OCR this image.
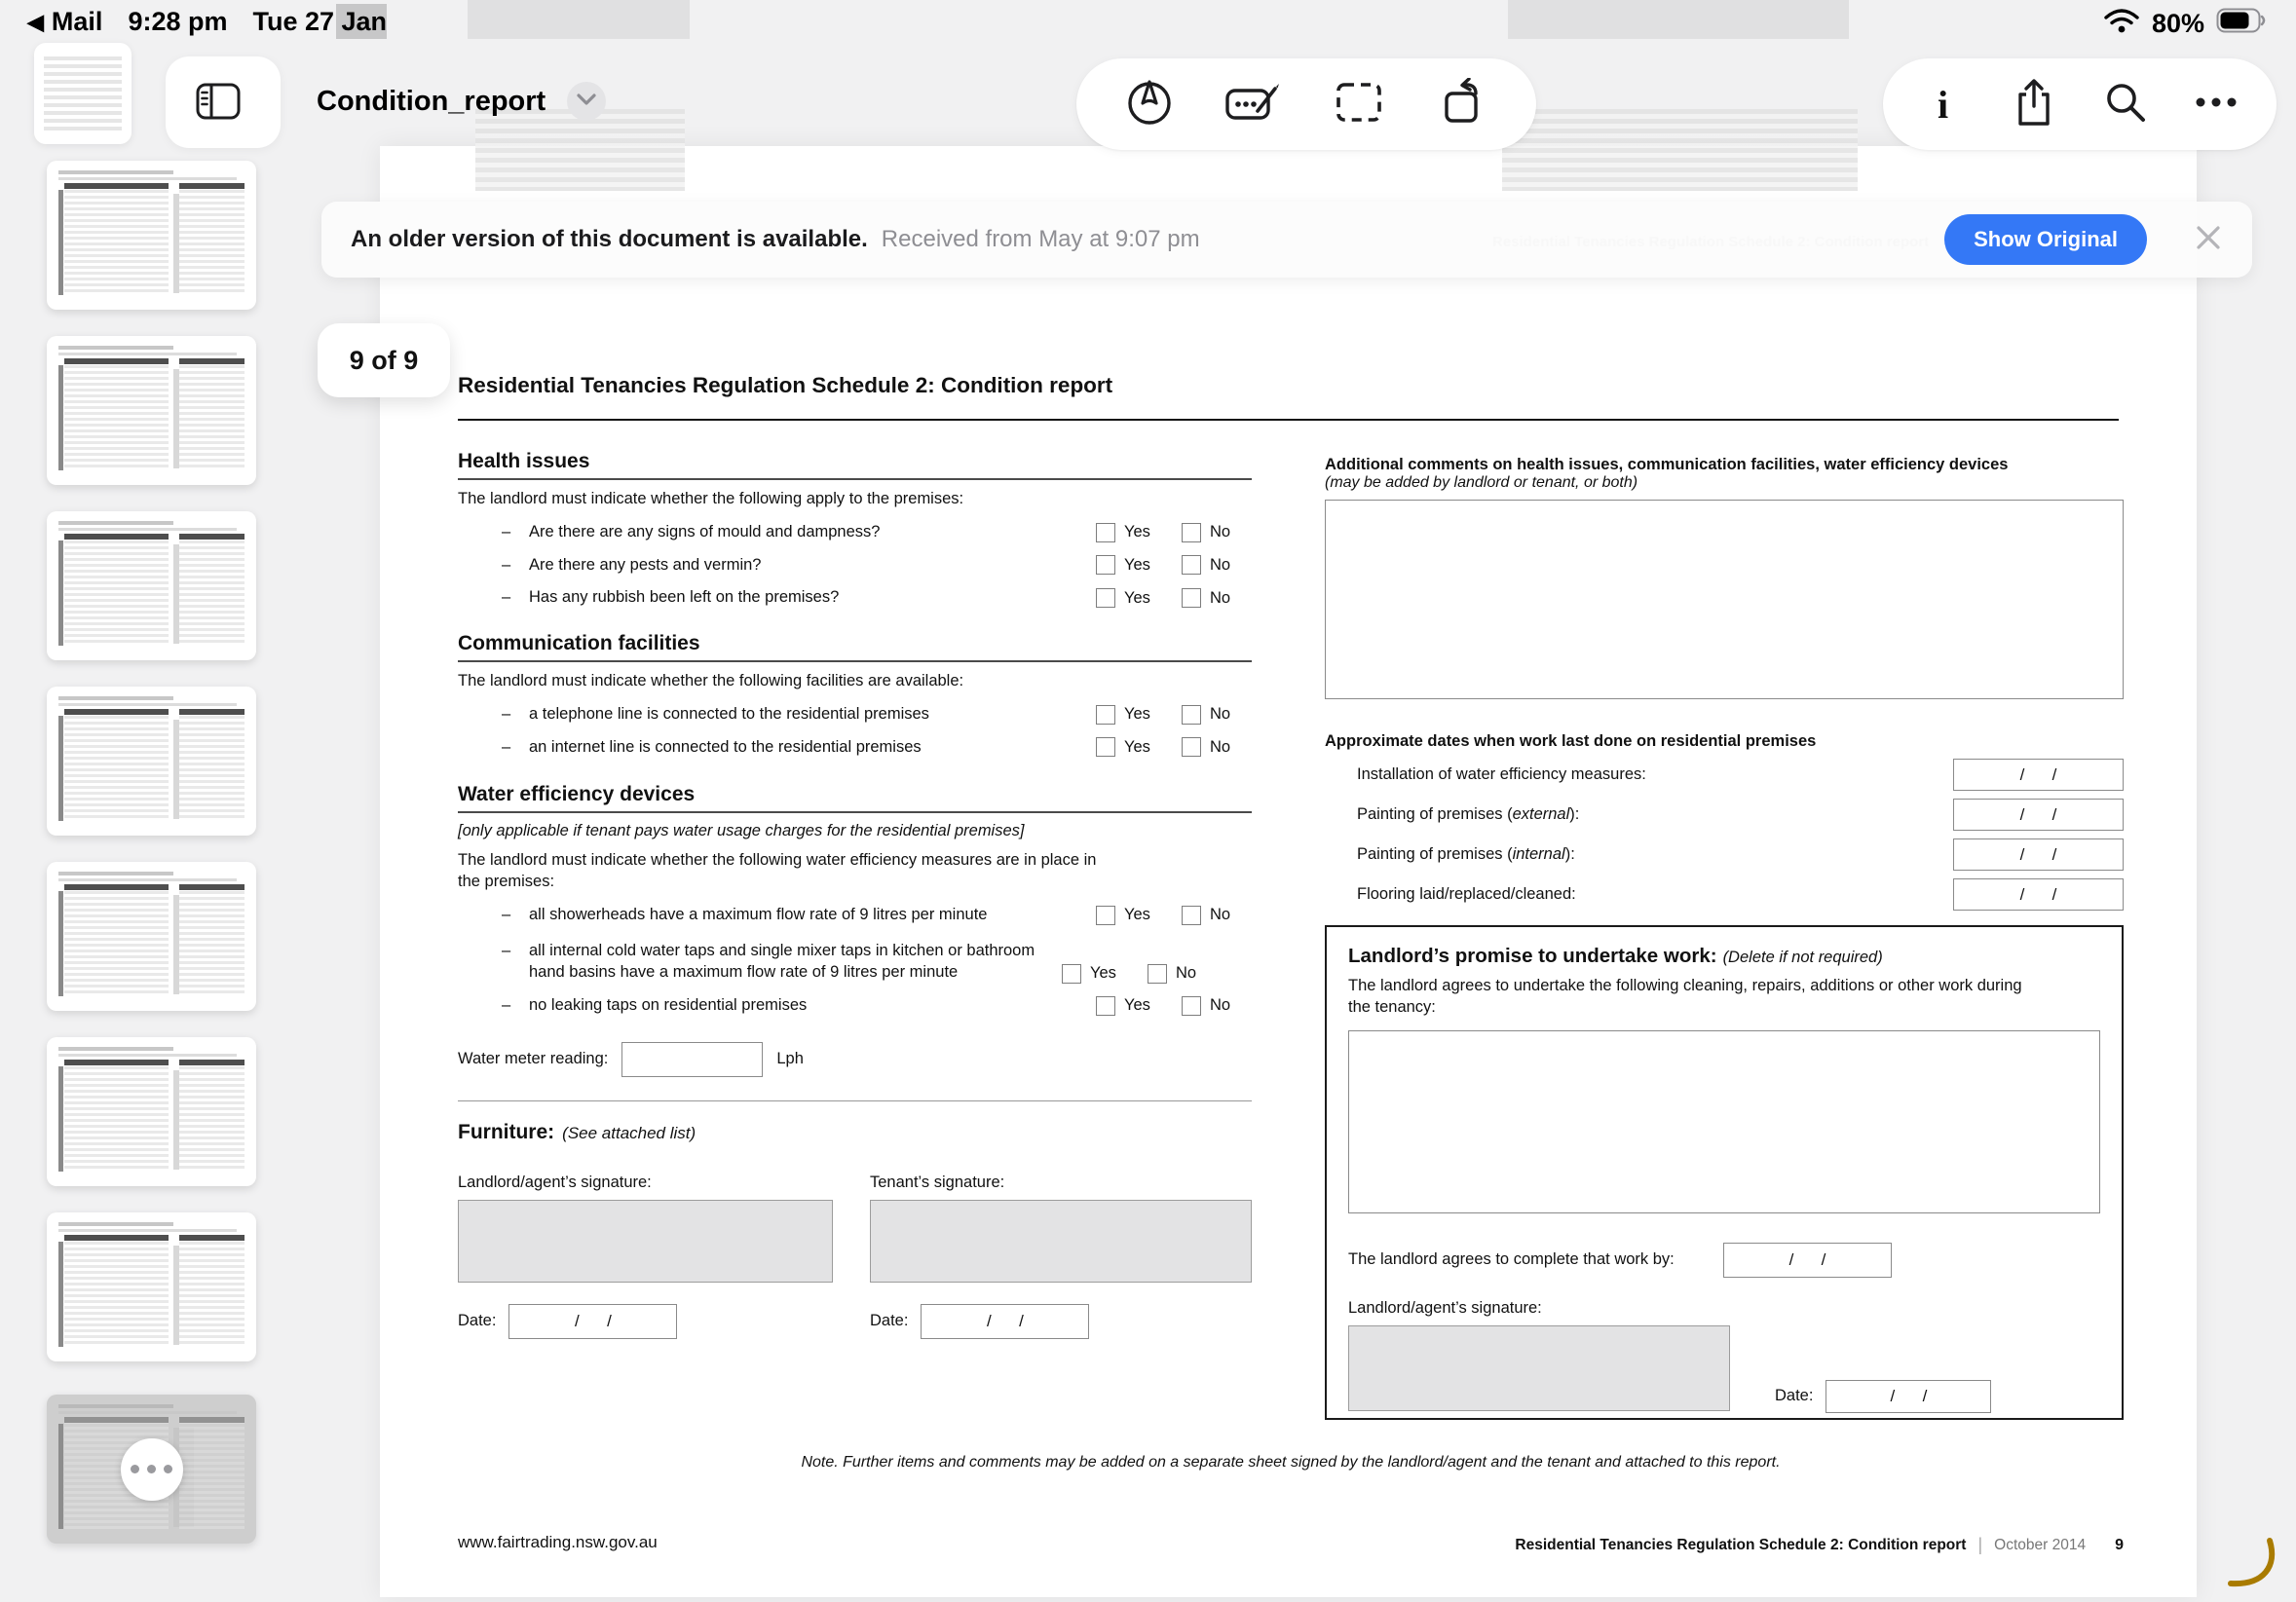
◀ Mail 9:28 pm Tue 27 Jan	80%
Condition_report	i
An older version of this document is available. Received from May at 9:07 pm	Show Original
9 of 9
Residential Tenancies Regulation Schedule 2: Condition report
Health issues
The landlord must indicate whether the following apply to the premises:
– Are there are any signs of mould and dampness?	Yes	No
– Are there any pests and vermin?	Yes	No
– Has any rubbish been left on the premises?	Yes	No
Communication facilities
The landlord must indicate whether the following facilities are available:
– a telephone line is connected to the residential premises	Yes	No
– an internet line is connected to the residential premises	Yes	No
Water efficiency devices
[only applicable if tenant pays water usage charges for the residential premises]
The landlord must indicate whether the following water efficiency measures are in place in the premises:
– all showerheads have a maximum flow rate of 9 litres per minute	Yes	No
– all internal cold water taps and single mixer taps in kitchen or bathroom hand basins have a maximum flow rate of 9 litres per minute	Yes	No
– no leaking taps on residential premises	Yes	No
Water meter reading:	Lph
Furniture: (See attached list)
Landlord/agent’s signature:
Date:	/      /
Tenant’s signature:
Date:	/      /
Additional comments on health issues, communication facilities, water efficiency devices
(may be added by landlord or tenant, or both)
Approximate dates when work last done on residential premises
Installation of water efficiency measures:	/      /
Painting of premises (external):	/      /
Painting of premises (internal):	/      /
Flooring laid/replaced/cleaned:	/      /
Landlord’s promise to undertake work: (Delete if not required)
The landlord agrees to undertake the following cleaning, repairs, additions or other work during the tenancy:
The landlord agrees to complete that work by:	/      /
Landlord/agent’s signature:
Date:	/      /
Note. Further items and comments may be added on a separate sheet signed by the landlord/agent and the tenant and attached to this report.
www.fairtrading.nsw.gov.au	Residential Tenancies Regulation Schedule 2: Condition report | October 2014 9
